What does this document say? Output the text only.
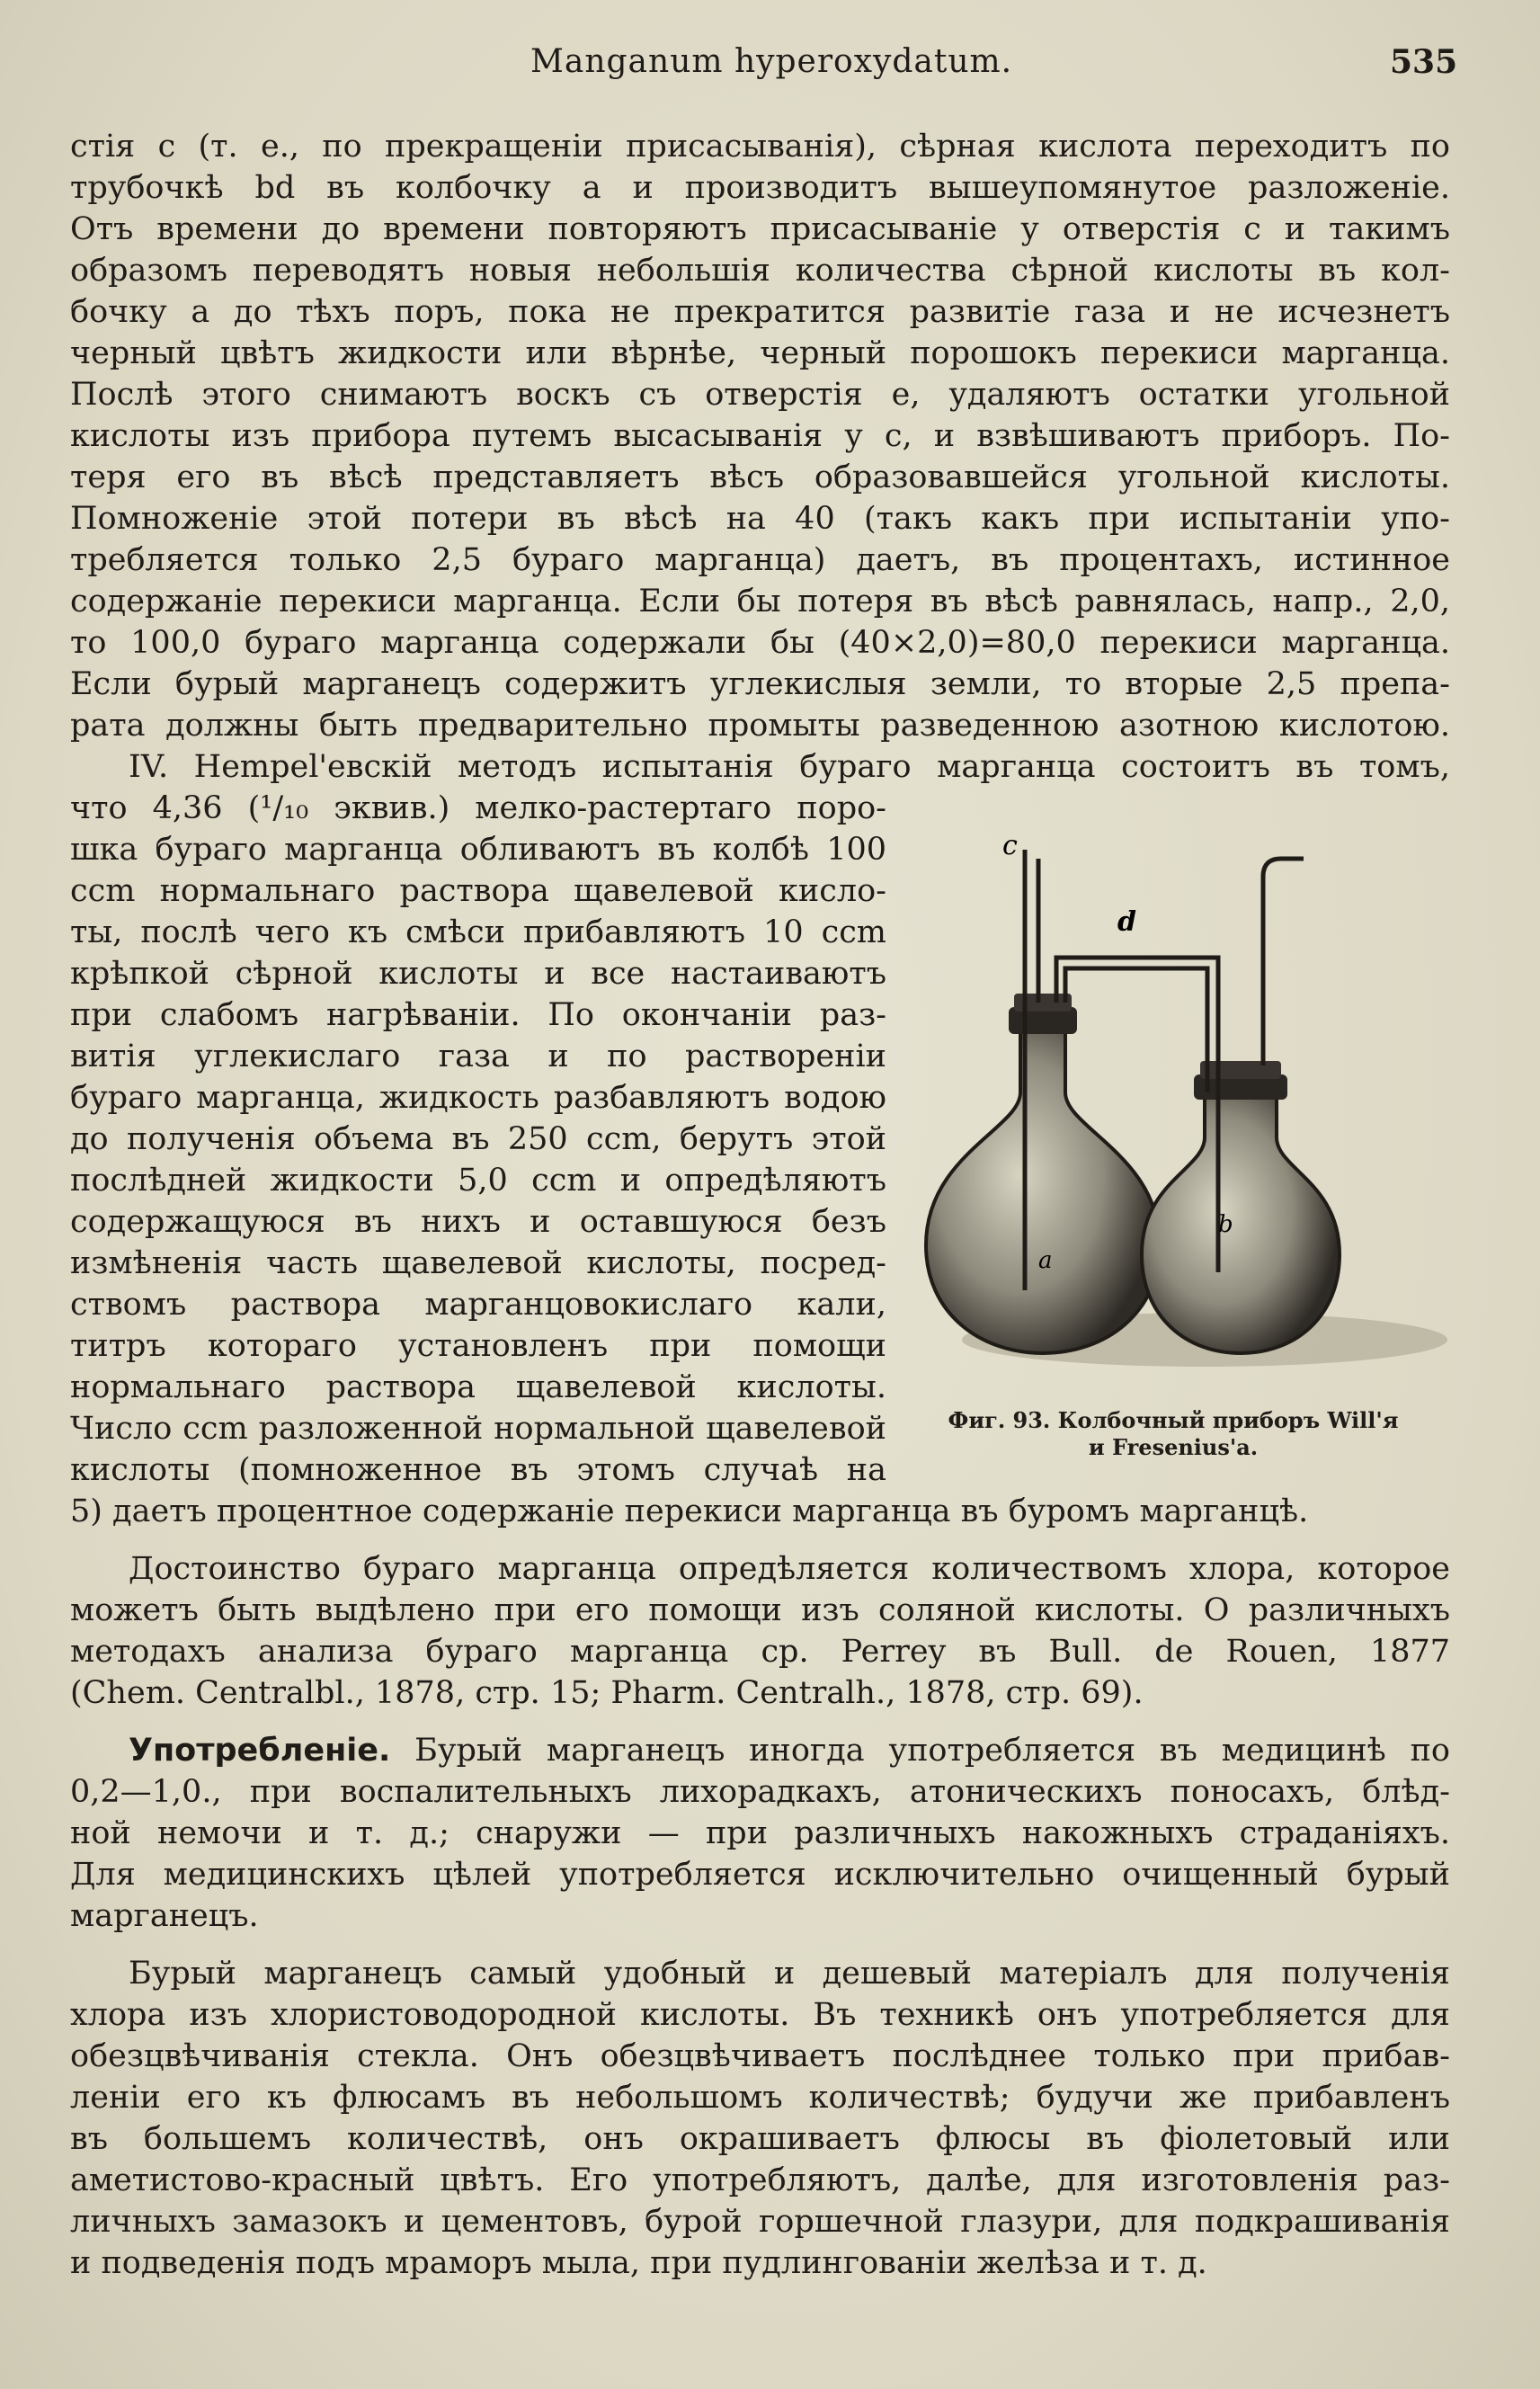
Manganum hyperoxydatum.	535
стія c (т. е., по прекращеніи присасыванія), сѣрная кислота переходитъ по
трубочкѣ bd въ колбочку a и производитъ вышеупомянутое разложеніе.
Отъ времени до времени повторяютъ присасываніе у отверстія c и такимъ
образомъ переводятъ новыя небольшія количества сѣрной кислоты въ кол-
бочку a до тѣхъ поръ, пока не прекратится развитіе газа и не исчезнетъ
черный цвѣтъ жидкости или вѣрнѣе, черный порошокъ перекиси марганца.
Послѣ этого снимаютъ воскъ съ отверстія e, удаляютъ остатки угольной
кислоты изъ прибора путемъ высасыванія у c, и взвѣшиваютъ приборъ. По-
теря его въ вѣсѣ представляетъ вѣсъ образовавшейся угольной кислоты.
Помноженіе этой потери въ вѣсѣ на 40 (такъ какъ при испытаніи упо-
требляется только 2,5 бураго марганца) даетъ, въ процентахъ, истинное
содержаніе перекиси марганца. Если бы потеря въ вѣсѣ равнялась, напр., 2,0,
то 100,0 бураго марганца содержали бы (40×2,0)=80,0 перекиси марганца.
Если бурый марганецъ содержитъ углекислыя земли, то вторые 2,5 препа-
рата должны быть предварительно промыты разведенною азотною кислотою.
IV. Hempel'евскій методъ испытанія бураго марганца состоитъ въ томъ,
что 4,36 (¹/₁₀ эквив.) мелко-растертаго поро-
шка бураго марганца обливаютъ въ колбѣ 100
ccm нормальнаго раствора щавелевой кисло-
ты, послѣ чего къ смѣси прибавляютъ 10 ccm
крѣпкой сѣрной кислоты и все настаиваютъ
при слабомъ нагрѣваніи. По окончаніи раз-
витія углекислаго газа и по раствореніи
бураго марганца, жидкость разбавляютъ водою
до полученія объема въ 250 ccm, берутъ этой
послѣдней жидкости 5,0 ccm и опредѣляютъ
содержащуюся въ нихъ и оставшуюся безъ
измѣненія часть щавелевой кислоты, посред-
ствомъ раствора марганцовокислаго кали,
титръ котораго установленъ при помощи
нормальнаго раствора щавелевой кислоты.
Число ccm разложенной нормальной щавелевой
кислоты (помноженное въ этомъ случаѣ на
5) даетъ процентное содержаніе перекиси марганца въ буромъ марганцѣ.
Достоинство бураго марганца опредѣляется количествомъ хлора, которое
можетъ быть выдѣлено при его помощи изъ соляной кислоты. О различныхъ
методахъ анализа бураго марганца ср. Perrey въ Bull. de Rouen, 1877
(Chem. Centralbl., 1878, стр. 15; Pharm. Centralh., 1878, стр. 69).
Употребленіе. Бурый марганецъ иногда употребляется въ медицинѣ по
0,2—1,0., при воспалительныхъ лихорадкахъ, атоническихъ поносахъ, блѣд-
ной немочи и т. д.; снаружи — при различныхъ накожныхъ страданіяхъ.
Для медицинскихъ цѣлей употребляется исключительно очищенный бурый
марганецъ.
Бурый марганецъ самый удобный и дешевый матеріалъ для полученія
хлора изъ хлористоводородной кислоты. Въ техникѣ онъ употребляется для
обезцвѣчиванія стекла. Онъ обезцвѣчиваетъ послѣднее только при прибав-
леніи его къ флюсамъ въ небольшомъ количествѣ; будучи же прибавленъ
въ большемъ количествѣ, онъ окрашиваетъ флюсы въ фіолетовый или
аметистово-красный цвѣтъ. Его употребляютъ, далѣе, для изготовленія раз-
личныхъ замазокъ и цементовъ, бурой горшечной глазури, для подкрашиванія
и подведенія подъ мраморъ мыла, при пудлингованіи желѣза и т. д.
c
d
a
b
Фиг. 93. Колбочный приборъ Will'я
и Fresenius'а.
